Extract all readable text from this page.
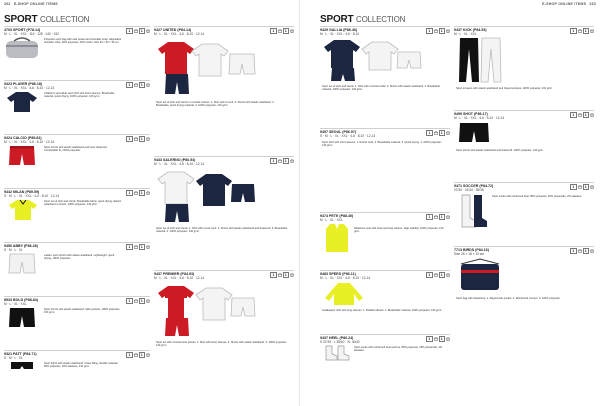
262 E-SHOP ONLINE ITEMS
SPORT COLLECTION
4703 SPORT (P78.14)
M · L · XL · XXL · 116 · 128 · 140 · 152
1	1
Polyester sport bag with side pocket and shoulder strap. Adjustable shoulder strap, 60% polyester, 40% cotton. Size 60 × 30 × 30 cm.
9423 PLAYER (P86.18)
M · L · XL · XXL · 4-6 · 8-10 · 12-14
1	1
Children's and adult sport shirt with short sleeves. Breathable material, quick drying, 100% polyester, 160 g/m².
9424 CALCIO (P89.81)
M · L · XL · XXL · 4-6 · 8-10 · 12-14
1	1
Sport shorts with elastic waistband and inner drawcord. Comfortable fit, 100% polyester.
9442 MILAN (P89.59)
S · M · L · XL · XXL · 4-6 · 8-10 · 12-14
1	1
Sport set of shirt and shorts. Breathable fabric, quick drying. Elastic waistband in shorts, 100% polyester, 140 g/m².
9456 ABBY (P86.28)
S · M · L · XL
1	1
Ladies' sport shorts with elastic waistband. Lightweight, quick drying, 100% polyester.
8933 BOLD (P88.84)
M · L · XL · XXL
1	1
Sport shorts with elastic waistband. Side pockets, 100% polyester, 150 g/m².
9321 PATT (P84.71)
S · M · L · XL
1	1
Sport tights with elastic waistband. Close fitting, flexible material, 90% polyester, 10% elastane, 210 g/m².
9427 UNITED (P84.14)
M · L · XL · XXL · 4-6 · 8-10 · 12-14
1	1
Sport set of shirt and shorts in contrast colours. 1. Shirt with V-neck. 2. Shorts with elastic waistband. 3. Breathable, quick drying material. 4. 100% polyester, 140 g/m².
9433 SALERNO (P86.54)
M · L · XL · XXL · 4-6 · 8-10 · 12-14
1	1
Sport set of shirt and shorts. 1. Shirt with round neck. 2. Shorts with elastic waistband and drawcord. 3. Breathable material. 4. 100% polyester, 140 g/m².
9437 PREMIER (P84.93)
M · L · XL · XXL · 4-6 · 8-10 · 12-14
1	1
Sport set with contrast side panels. 1. Shirt with short sleeves. 2. Shorts with elastic waistband. 3. 100% polyester, 140 g/m².
E-SHOP ONLINE ITEMS 263
SPORT COLLECTION
9429 GALLIA (P86.46)
M · L · XL · XXL · 4-6 · 8-10
1	1
Sport set of shirt and shorts. 1. Shirt with contrast collar. 2. Shorts with elastic waistband. 3. Breathable material, 100% polyester, 140 g/m².
9497 SEOUL (P86.97)
S · M · L · XL · XXL · 4-6 · 8-10 · 12-14
1	1
Sport shirt with short sleeves. 1. Round neck. 2. Breathable material. 3. Quick drying. 4. 100% polyester, 140 g/m².
9474 PETE (P88.40)
M · L · XL · XXL
1	1
Reflective vest with hook and loop closure. High visibility, 100% polyester, 120 g/m².
9483 SPEED (P86.11)
M · L · XL · XXL · 4-6 · 8-10 · 12-14
1	1
Goalkeeper shirt with long sleeves. 1. Padded elbows. 2. Breathable material, 100% polyester, 160 g/m².
9437 HEEL (P86.24)
S 37/39 · L 38/40 · XL 40/42
1	1
Sport socks with reinforced heel and toe. 80% polyester, 18% polyamide, 2% elastane.
9437 KICK (P84.53)
M · L · XL · XXL
1	1
Sport trousers with elastic waistband and zipped pockets. 100% polyester, 210 g/m².
9499 SHOT (P86.17)
M · L · XL · XXL · 4-6 · 8-10 · 12-14
1	1
Sport shorts with elastic waistband and drawcord. 100% polyester, 140 g/m².
9471 SOCCER (P84.72)
27/30 · 31/34 · 35/38
1	1
Sport socks with reinforced heel. 80% polyester, 18% polyamide, 2% elastane.
7713 BIRDS (P84.16)
Size 26 × 18 × 10 cm
1	1
Sport bag with drawstring. 1. Zipped side pocket. 2. Reinforced corners. 3. 100% polyester.
